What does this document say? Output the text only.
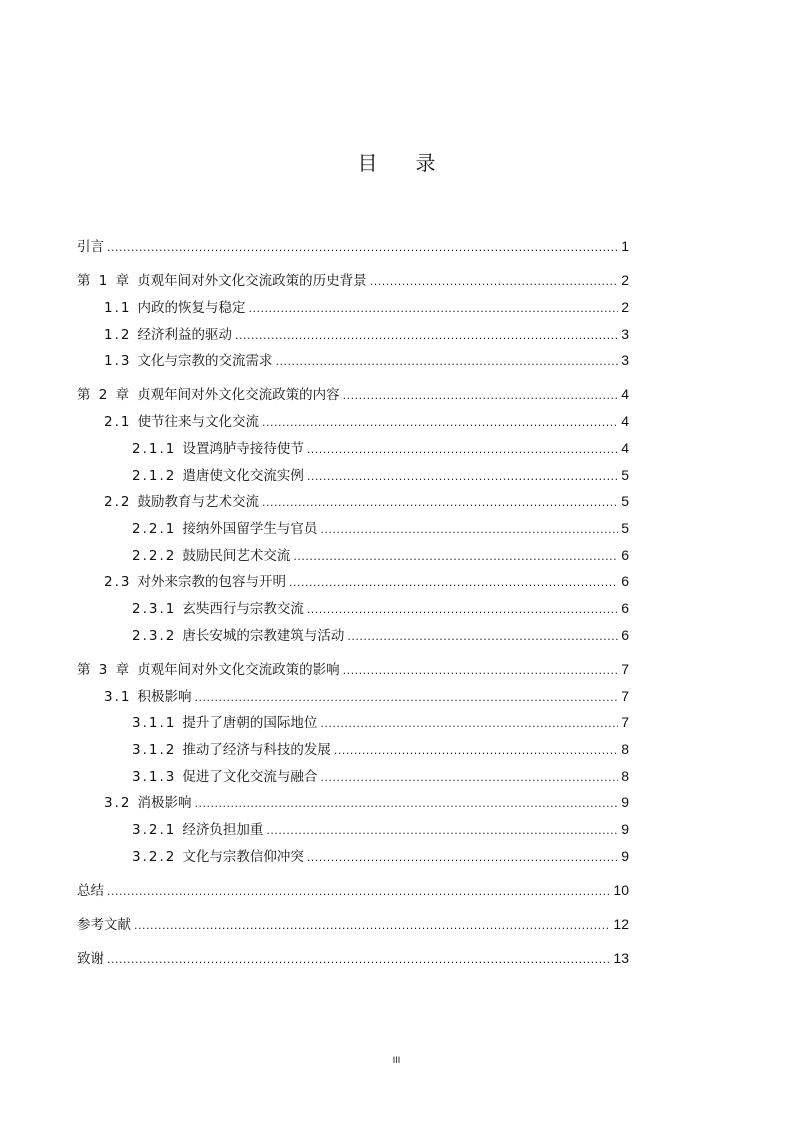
目录
引言 .....	1
第 1 章 贞观年间对外文化交流政策的历史背景 .....	2
1.1 内政的恢复与稳定 .....	2
1.2 经济利益的驱动 .....	3
1.3 文化与宗教的交流需求 .....	3
第 2 章 贞观年间对外文化交流政策的内容 .....	4
2.1 使节往来与文化交流 .....	4
2.1.1 设置鸿胪寺接待使节 .....	4
2.1.2 遣唐使文化交流实例 .....	5
2.2 鼓励教育与艺术交流 .....	5
2.2.1 接纳外国留学生与官员 .....	5
2.2.2 鼓励民间艺术交流 .....	6
2.3 对外来宗教的包容与开明 .....	6
2.3.1 玄奘西行与宗教交流 .....	6
2.3.2 唐长安城的宗教建筑与活动 .....	6
第 3 章 贞观年间对外文化交流政策的影响 .....	7
3.1 积极影响 .....	7
3.1.1 提升了唐朝的国际地位 .....	7
3.1.2 推动了经济与科技的发展 .....	8
3.1.3 促进了文化交流与融合 .....	8
3.2 消极影响 .....	9
3.2.1 经济负担加重 .....	9
3.2.2 文化与宗教信仰冲突 .....	9
总结 .....	10
参考文献 .....	12
致谢 .....	13
III
